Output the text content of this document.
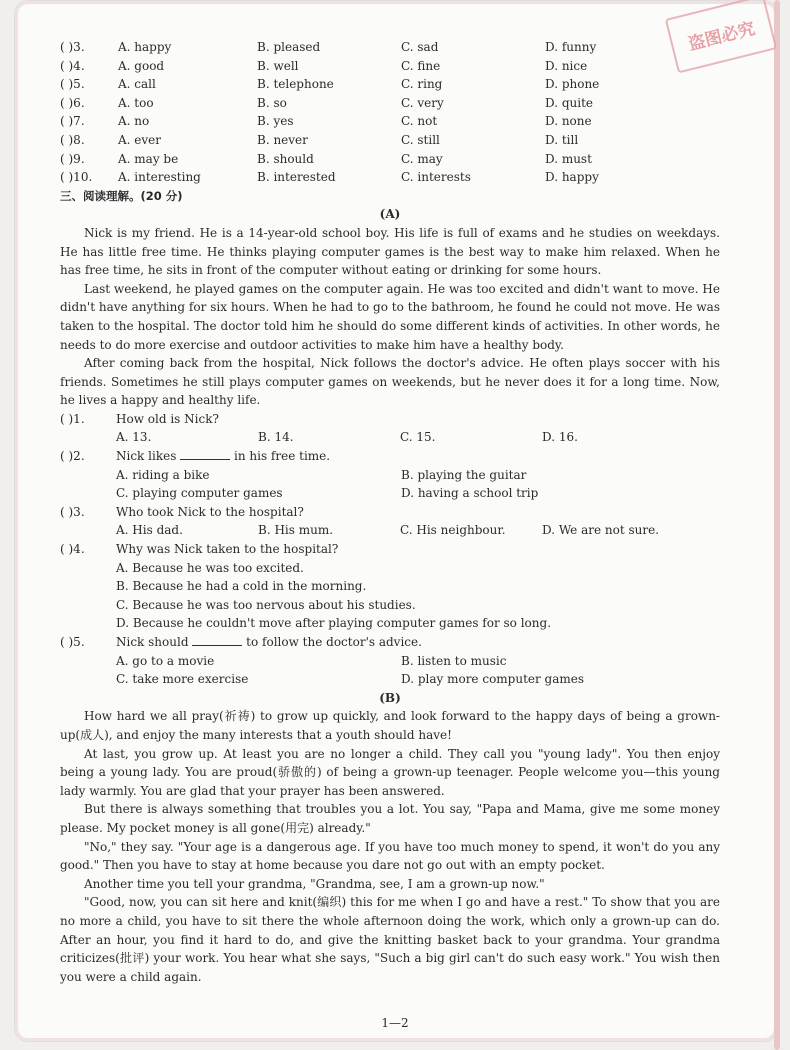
盗图必究
( )3.	A. happy	B. pleased	C. sad	D. funny
( )4.	A. good	B. well	C. fine	D. nice
( )5.	A. call	B. telephone	C. ring	D. phone
( )6.	A. too	B. so	C. very	D. quite
( )7.	A. no	B. yes	C. not	D. none
( )8.	A. ever	B. never	C. still	D. till
( )9.	A. may be	B. should	C. may	D. must
( )10.	A. interesting	B. interested	C. interests	D. happy
三、阅读理解。(20 分)
(A)

Nick is my friend. He is a 14-year-old school boy. His life is full of exams and he studies on weekdays. He has little free time. He thinks playing computer games is the best way to make him relaxed. When he has free time, he sits in front of the computer without eating or drinking for some hours.

Last weekend, he played games on the computer again. He was too excited and didn't want to move. He didn't have anything for six hours. When he had to go to the bathroom, he found he could not move. He was taken to the hospital. The doctor told him he should do some different kinds of activities. In other words, he needs to do more exercise and outdoor activities to make him have a healthy body.

After coming back from the hospital, Nick follows the doctor's advice. He often plays soccer with his friends. Sometimes he still plays computer games on weekends, but he never does it for a long time. Now, he lives a happy and healthy life.

( )1.	How old is Nick?
A. 13.	B. 14.	C. 15.	D. 16.
( )2.	Nick likes

	in his free time.
A. riding a bike	B. playing the guitar
C. playing computer games	D. having a school trip
( )3.	Who took Nick to the hospital?
A. His dad.	B. His mum.	C. His neighbour.	D. We are not sure.
( )4.	Why was Nick taken to the hospital?
A. Because he was too excited.
B. Because he had a cold in the morning.
C. Because he was too nervous about his studies.
D. Because he couldn't move after playing computer games for so long.
( )5.	Nick should

	to follow the doctor's advice.
A. go to a movie	B. listen to music
C. take more exercise	D. play more computer games
(B)

How hard we all pray(祈祷) to grow up quickly, and look forward to the happy days of being a grown-up(成人), and enjoy the many interests that a youth should have!

At last, you grow up. At least you are no longer a child. They call you "young lady". You then enjoy being a young lady. You are proud(骄傲的) of being a grown-up teenager. People welcome you—this young lady warmly. You are glad that your prayer has been answered.

But there is always something that troubles you a lot. You say, "Papa and Mama, give me some money please. My pocket money is all gone(用完) already."

"No," they say. "Your age is a dangerous age. If you have too much money to spend, it won't do you any good." Then you have to stay at home because you dare not go out with an empty pocket.

Another time you tell your grandma, "Grandma, see, I am a grown-up now."

"Good, now, you can sit here and knit(编织) this for me when I go and have a rest." To show that you are no more a child, you have to sit there the whole afternoon doing the work, which only a grown-up can do. After an hour, you find it hard to do, and give the knitting basket back to your grandma. Your grandma criticizes(批评) your work. You hear what she says, "Such a big girl can't do such easy work." You wish then you were a child again.

1—2
